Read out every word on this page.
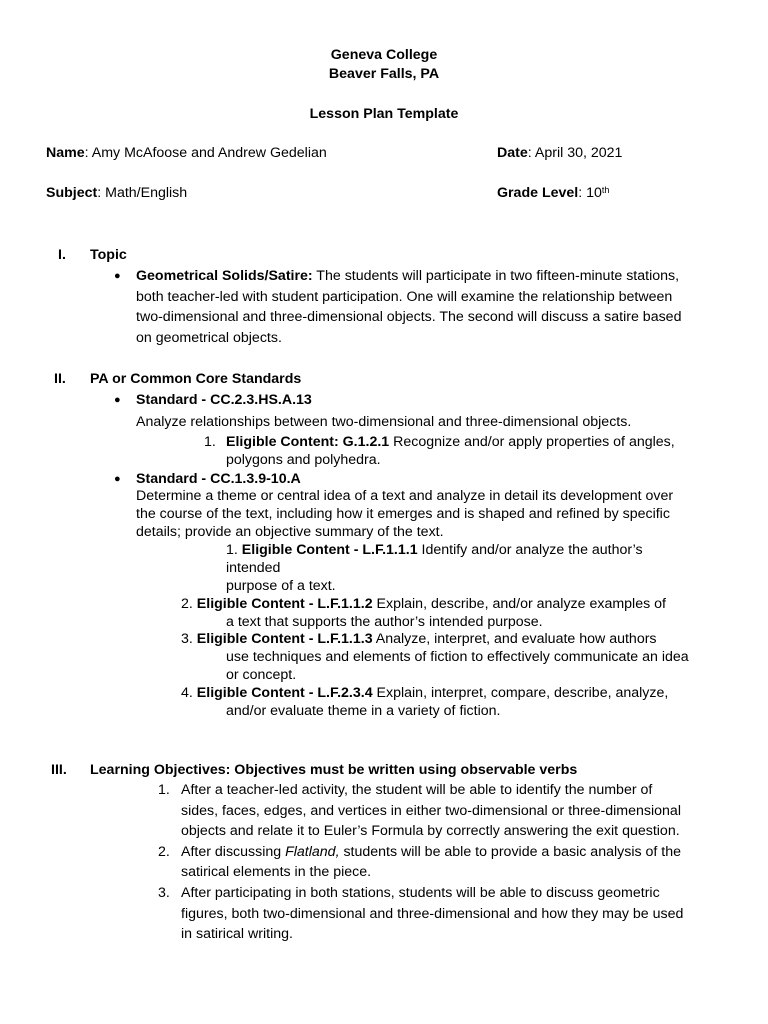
Geneva College
Beaver Falls, PA
Lesson Plan Template
Name: Amy McAfoose and Andrew Gedelian	Date: April 30, 2021
Subject: Math/English	Grade Level: 10th
I. Topic
● Geometrical Solids/Satire: The students will participate in two fifteen-minute stations,
both teacher-led with student participation. One will examine the relationship between
two-dimensional and three-dimensional objects. The second will discuss a satire based
on geometrical objects.
II. PA or Common Core Standards
● Standard - CC.2.3.HS.A.13
Analyze relationships between two-dimensional and three-dimensional objects.
1. Eligible Content: G.1.2.1 Recognize and/or apply properties of angles,
polygons and polyhedra.
● Standard - CC.1.3.9-10.A
Determine a theme or central idea of a text and analyze in detail its development over
the course of the text, including how it emerges and is shaped and refined by specific
details; provide an objective summary of the text.
1. Eligible Content - L.F.1.1.1 Identify and/or analyze the author’s
intended
purpose of a text.
2. Eligible Content - L.F.1.1.2 Explain, describe, and/or analyze examples of
a text that supports the author’s intended purpose.
3. Eligible Content - L.F.1.1.3 Analyze, interpret, and evaluate how authors
use techniques and elements of fiction to effectively communicate an idea
or concept.
4. Eligible Content - L.F.2.3.4 Explain, interpret, compare, describe, analyze,
and/or evaluate theme in a variety of fiction.
III. Learning Objectives: Objectives must be written using observable verbs
1. After a teacher-led activity, the student will be able to identify the number of
sides, faces, edges, and vertices in either two-dimensional or three-dimensional
objects and relate it to Euler’s Formula by correctly answering the exit question.
2. After discussing Flatland, students will be able to provide a basic analysis of the
satirical elements in the piece.
3. After participating in both stations, students will be able to discuss geometric
figures, both two-dimensional and three-dimensional and how they may be used
in satirical writing.
